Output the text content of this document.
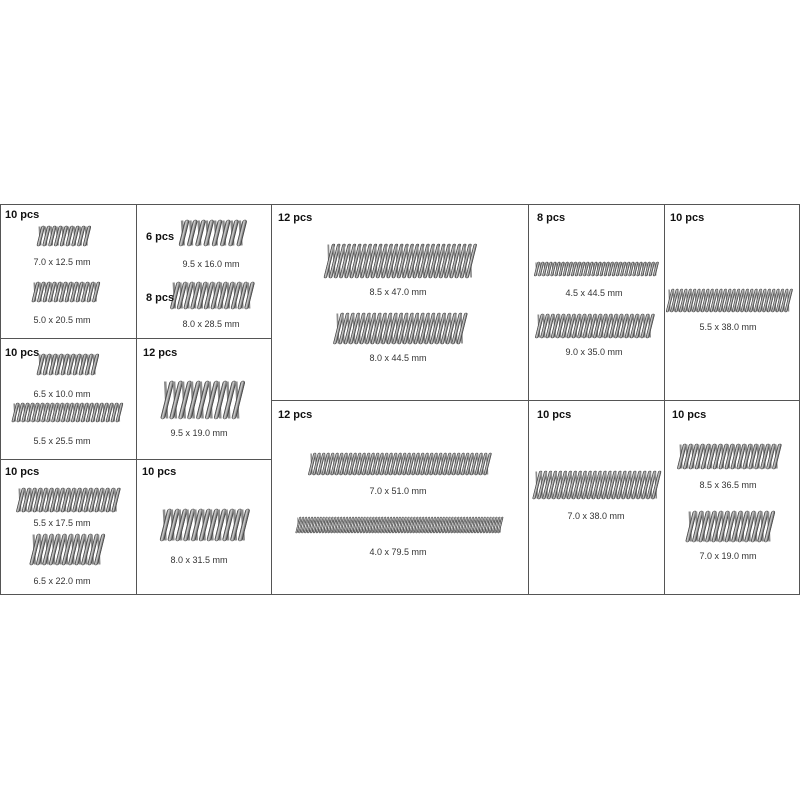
10 pcs
7.0 x 12.5 mm
5.0 x 20.5 mm
6 pcs
9.5 x 16.0 mm
8 pcs
8.0 x 28.5 mm
10 pcs
6.5 x 10.0 mm
5.5 x 25.5 mm
12 pcs
9.5 x 19.0 mm
10 pcs
5.5 x 17.5 mm
6.5 x 22.0 mm
10 pcs
8.0 x 31.5 mm
12 pcs
8.5 x 47.0 mm
8.0 x 44.5 mm
12 pcs
7.0 x 51.0 mm
4.0 x 79.5 mm
8 pcs
4.5 x 44.5 mm
9.0 x 35.0 mm
10 pcs
5.5 x 38.0 mm
10 pcs
7.0 x 38.0 mm
10 pcs
8.5 x 36.5 mm
7.0 x 19.0 mm
